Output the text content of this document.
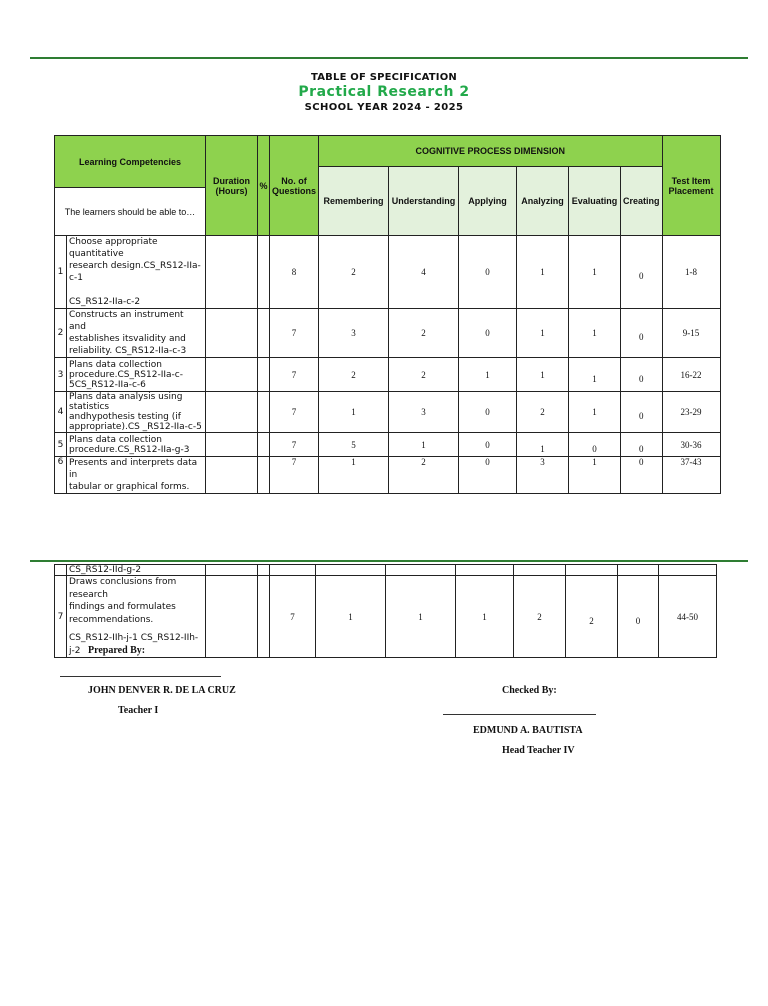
TABLE OF SPECIFICATION
Practical Research 2
SCHOOL YEAR 2024 - 2025
Learning Competencies		Duration (Hours)	%	No. of Questions	COGNITIVE PROCESS DIMENSION						Test Item Placement
					Remembering	Understanding	Applying	Analyzing	Evaluating	Creating	
The learners should be able to…											
1	Choose appropriate quantitative
research design.CS_RS12-IIa-c-1
CS_RS12-IIa-c-2			8	2	4	0	1	1	0	1-8
2	Constructs an instrument and
establishes itsvalidity and
reliability. CS_RS12-IIa-c-3			7	3	2	0	1	1	0	9-15
3	Plans data collection
procedure.CS_RS12-IIa-c-
5CS_RS12-IIa-c-6			7	2	2	1	1	1	0	16-22
4	Plans data analysis using statistics
andhypothesis testing (if
appropriate).CS _RS12-IIa-c-5			7	1	3	0	2	1	0	23-29
5	Plans data collection
procedure.CS_RS12-IIa-g-3			7	5	1	0	1	0	0	30-36
6	Presents and interprets data in
tabular or graphical forms.			7	1	2	0	3	1	0	37-43
	CS_RS12-IId-g-2										
7	Draws conclusions from research
findings and formulates
recommendations.
CS_RS12-IIh-j-1 CS_RS12-IIh-j-2			7	1	1	1	2	2	0	44-50
Prepared By:
JOHN DENVER R. DE LA CRUZ
Teacher I
Checked By:
EDMUND A. BAUTISTA
Head Teacher IV
